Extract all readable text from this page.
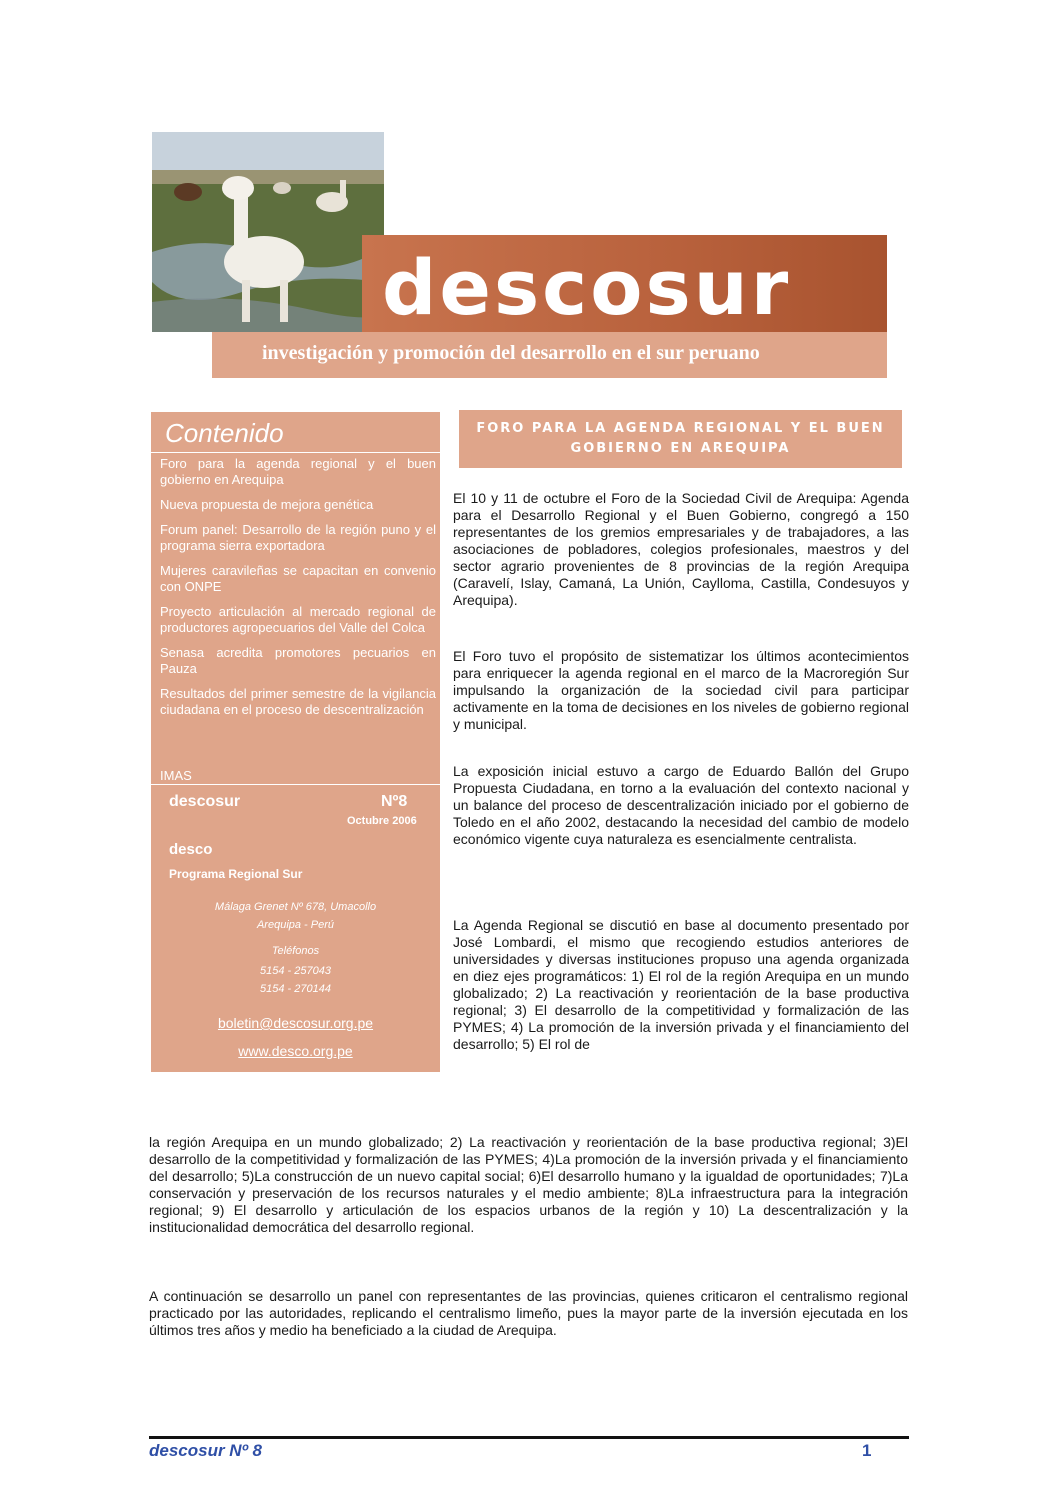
descosur
investigación y promoción del desarrollo en el sur peruano
Contenido
Foro para la agenda regional y el buen gobierno en Arequipa
Nueva propuesta de mejora genética
Forum panel: Desarrollo de la región puno y el programa sierra exportadora
Mujeres caravileñas se capacitan en convenio con ONPE
Proyecto articulación al mercado regional de productores agropecuarios del Valle del Colca
Senasa acredita promotores pecuarios en Pauza
Resultados del primer semestre de la vigilancia ciudadana en el proceso de descentralización
IMAS
descosur	Nº8
Octubre 2006
desco
Programa Regional Sur
Málaga Grenet Nº 678, Umacollo
Arequipa - Perú
Teléfonos
5154 - 257043
5154 - 270144
boletin@descosur.org.pe
www.desco.org.pe
FORO PARA LA AGENDA REGIONAL Y EL BUEN GOBIERNO EN AREQUIPA

El 10 y 11 de octubre el Foro de la Sociedad Civil de Arequipa: Agenda para el Desarrollo Regional y el Buen Gobierno, congregó a 150 representantes de los gremios empresariales y de trabajadores, a las asociaciones de pobladores, colegios profesionales, maestros y del sector agrario provenientes de 8 provincias de la región Arequipa (Caravelí, Islay, Camaná, La Unión, Caylloma, Castilla, Condesuyos y Arequipa).

El Foro tuvo el propósito de sistematizar los últimos acontecimientos para enriquecer la agenda regional en el marco de la Macroregión Sur impulsando la organización de la sociedad civil para participar activamente en la toma de decisiones en los niveles de gobierno regional y municipal.

La exposición inicial estuvo a cargo de Eduardo Ballón del Grupo Propuesta Ciudadana, en torno a la evaluación del contexto nacional y un balance del proceso de descentralización iniciado por el gobierno de Toledo en el año 2002, destacando la necesidad del cambio de modelo económico vigente cuya naturaleza es esencialmente centralista.

La Agenda Regional se discutió en base al documento presentado por José Lombardi, el mismo que recogiendo estudios anteriores de universidades y diversas instituciones propuso una agenda organizada en diez ejes programáticos: 1) El rol de la región Arequipa en un mundo globalizado; 2) La reactivación y reorientación de la base productiva regional; 3) El desarrollo de la competitividad y formalización de las PYMES; 4) La promoción de la inversión privada y el financiamiento del desarrollo; 5) El rol de

la región Arequipa en un mundo globalizado; 2) La reactivación y reorientación de la base productiva regional; 3)El desarrollo de la competitividad y formalización de las PYMES; 4)La promoción de la inversión privada y el financiamiento del desarrollo; 5)La construcción de un nuevo capital social; 6)El desarrollo humano y la igualdad de oportunidades; 7)La conservación y preservación de los recursos naturales y el medio ambiente; 8)La infraestructura para la integración regional; 9) El desarrollo y articulación de los espacios urbanos de la región y 10) La descentralización y la institucionalidad democrática del desarrollo regional.

A continuación se desarrollo un panel con representantes de las provincias, quienes criticaron el centralismo regional practicado por las autoridades, replicando el centralismo limeño, pues la mayor parte de la inversión ejecutada en los últimos tres años y medio ha beneficiado a la ciudad de Arequipa.

descosur Nº 8	1
